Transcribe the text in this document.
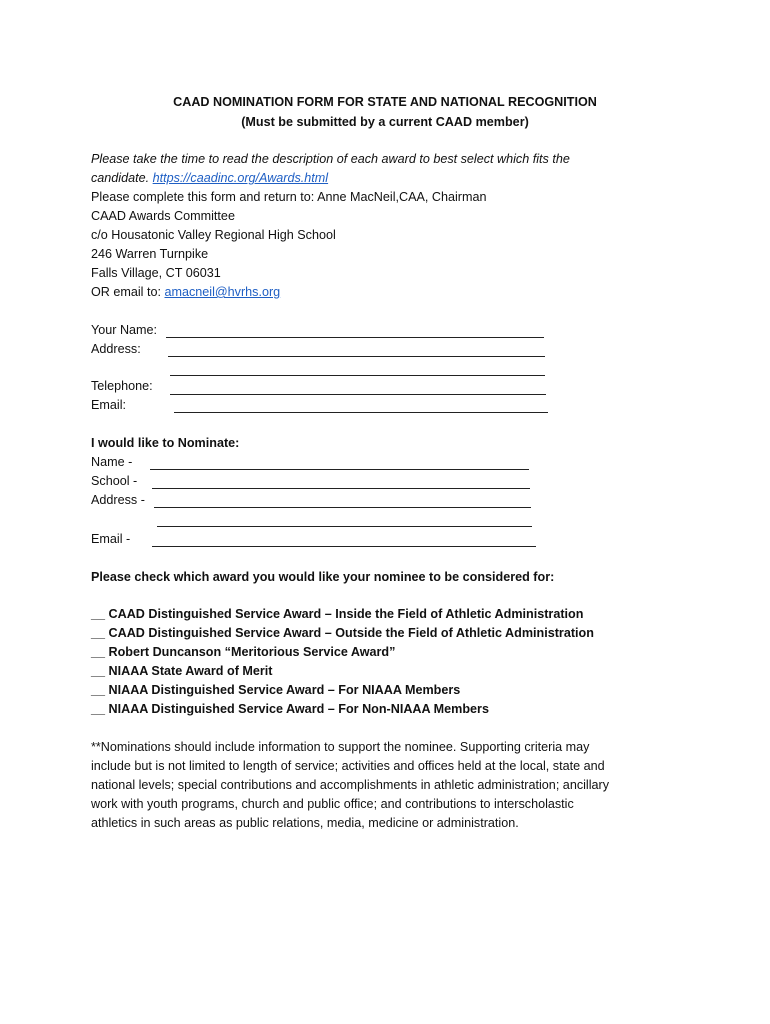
CAAD NOMINATION FORM FOR STATE AND NATIONAL RECOGNITION
(Must be submitted by a current CAAD member)
Please take the time to read the description of each award to best select which fits the
candidate. https://caadinc.org/Awards.html
Please complete this form and return to: Anne MacNeil,CAA, Chairman
CAAD Awards Committee
c/o Housatonic Valley Regional High School
246 Warren Turnpike
Falls Village, CT 06031
OR email to: amacneil@hvrhs.org
Your Name:
Address:
Telephone:
Email:
I would like to Nominate:
Name -
School -
Address -
Email -
Please check which award you would like your nominee to be considered for:
__ CAAD Distinguished Service Award – Inside the Field of Athletic Administration
__ CAAD Distinguished Service Award – Outside the Field of Athletic Administration
__ Robert Duncanson “Meritorious Service Award”
__ NIAAA State Award of Merit
__ NIAAA Distinguished Service Award – For NIAAA Members
__ NIAAA Distinguished Service Award – For Non-NIAAA Members
**Nominations should include information to support the nominee. Supporting criteria may
include but is not limited to length of service; activities and offices held at the local, state and
national levels; special contributions and accomplishments in athletic administration; ancillary
work with youth programs, church and public office; and contributions to interscholastic
athletics in such areas as public relations, media, medicine or administration.
